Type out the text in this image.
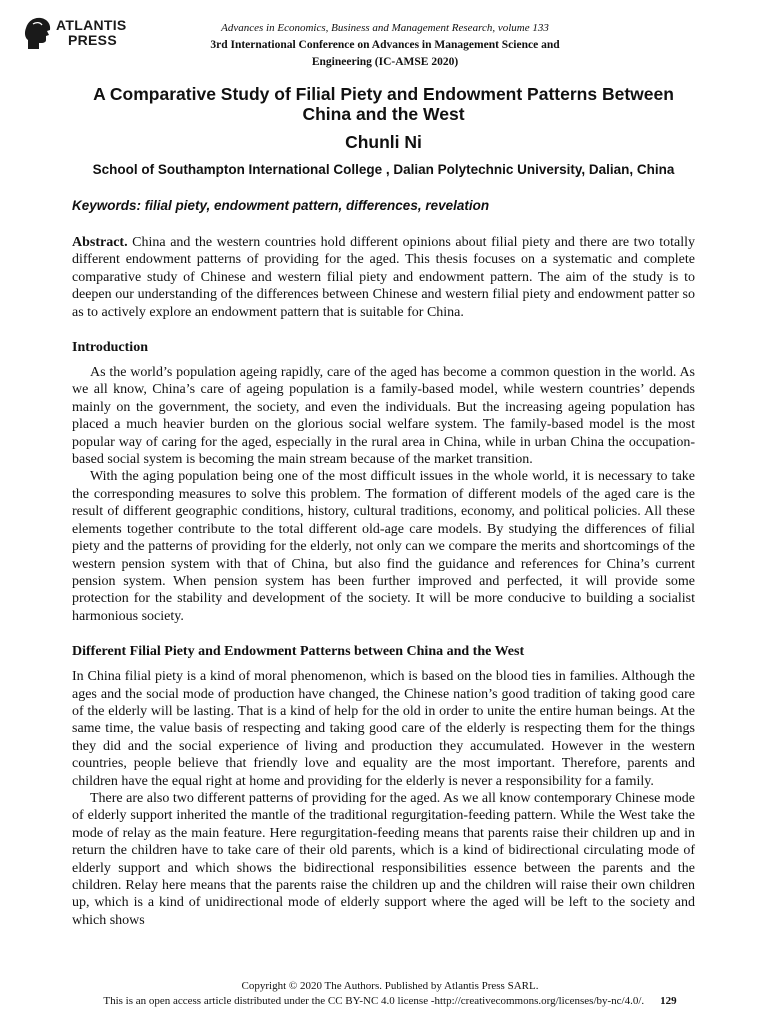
ATLANTIS
PRESS
Advances in Economics, Business and Management Research, volume 133
3rd International Conference on Advances in Management Science and
Engineering (IC-AMSE 2020)
A Comparative Study of Filial Piety and Endowment Patterns Between
China and the West
Chunli Ni
School of Southampton International College , Dalian Polytechnic University, Dalian, China
Keywords: filial piety, endowment pattern, differences, revelation

Abstract. China and the western countries hold different opinions about filial piety and there are two totally different endowment patterns of providing for the aged. This thesis focuses on a systematic and complete comparative study of Chinese and western filial piety and endowment pattern. The aim of the study is to deepen our understanding of the differences between Chinese and western filial piety and endowment patter so as to actively explore an endowment pattern that is suitable for China.

Introduction

As the world’s population ageing rapidly, care of the aged has become a common question in the world. As we all know, China’s care of ageing population is a family-based model, while western countries’ depends mainly on the government, the society, and even the individuals. But the increasing ageing population has placed a much heavier burden on the glorious social welfare system. The family-based model is the most popular way of caring for the aged, especially in the rural area in China, while in urban China the occupation-based social system is becoming the main stream because of the market transition.

With the aging population being one of the most difficult issues in the whole world, it is necessary to take the corresponding measures to solve this problem. The formation of different models of the aged care is the result of different geographic conditions, history, cultural traditions, economy, and political policies. All these elements together contribute to the total different old-age care models. By studying the differences of filial piety and the patterns of providing for the elderly, not only can we compare the merits and shortcomings of the western pension system with that of China, but also find the guidance and references for China’s current pension system. When pension system has been further improved and perfected, it will provide some protection for the stability and development of the society. It will be more conducive to building a socialist harmonious society.

Different Filial Piety and Endowment Patterns between China and the West

In China filial piety is a kind of moral phenomenon, which is based on the blood ties in families. Although the ages and the social mode of production have changed, the Chinese nation’s good tradition of taking good care of the elderly will be lasting. That is a kind of help for the old in order to unite the entire human beings. At the same time, the value basis of respecting and taking good care of the elderly is respecting them for the things they did and the social experience of living and production they accumulated. However in the western countries, people believe that friendly love and equality are the most important. Therefore, parents and children have the equal right at home and providing for the elderly is never a responsibility for a family.

There are also two different patterns of providing for the aged. As we all know contemporary Chinese mode of elderly support inherited the mantle of the traditional regurgitation-feeding pattern. While the West take the mode of relay as the main feature. Here regurgitation-feeding means that parents raise their children up and in return the children have to take care of their old parents, which is a kind of bidirectional circulating mode of elderly support and which shows the bidirectional responsibilities essence between the parents and the children. Relay here means that the parents raise the children up and the children will raise their own children up, which is a kind of unidirectional mode of elderly support where the aged will be left to the society and which shows

Copyright © 2020 The Authors. Published by Atlantis Press SARL.
This is an open access article distributed under the CC BY-NC 4.0 license -http://creativecommons.org/licenses/by-nc/4.0/. 129
